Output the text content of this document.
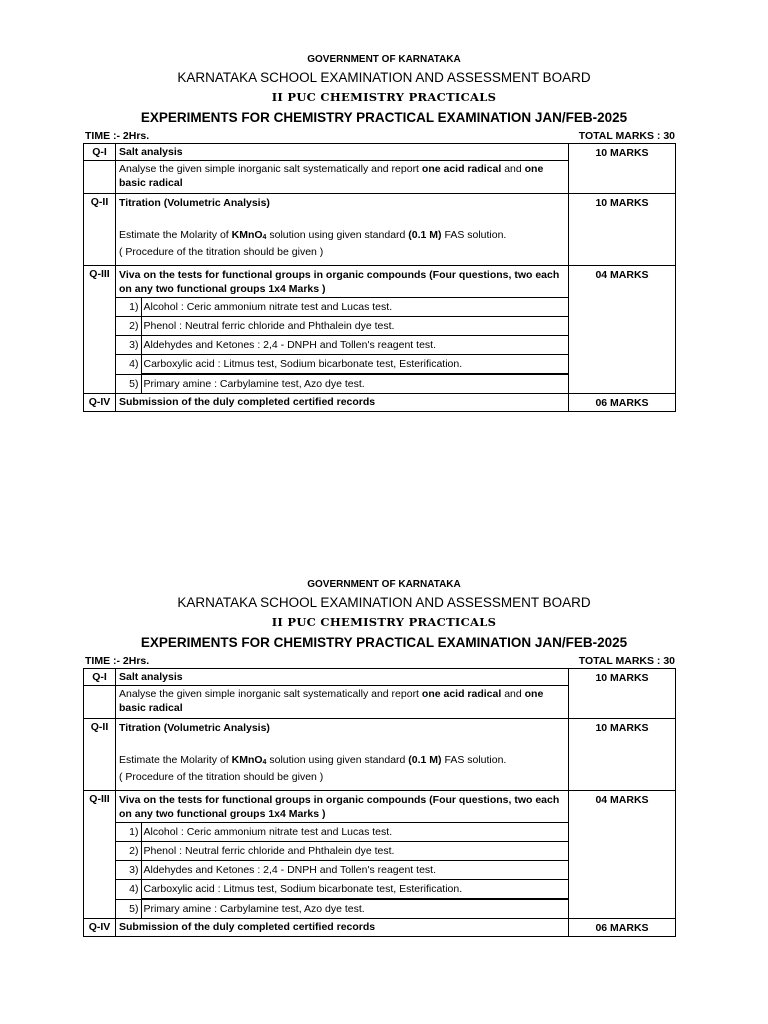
GOVERNMENT OF KARNATAKA
KARNATAKA SCHOOL EXAMINATION AND ASSESSMENT BOARD
II PUC CHEMISTRY PRACTICALS
EXPERIMENTS FOR CHEMISTRY PRACTICAL EXAMINATION JAN/FEB-2025
TIME :- 2Hrs.	TOTAL MARKS : 30
Q-I	Salt analysis	10 MARKS
	Analyse the given simple inorganic salt systematically and report one acid radical and one basic radical
Q-II	Titration (Volumetric Analysis)
Estimate the Molarity of KMnO$_4$ solution using given standard (0.1 M) FAS solution.
( Procedure of the titration should be given )
	10 MARKS
Q-III	Viva on the tests for functional groups in organic compounds (Four questions, two each on any two functional groups 1x4 Marks )
1)	Alcohol : Ceric ammonium nitrate test and Lucas test.
2)	Phenol : Neutral ferric chloride and Phthalein dye test.
3)	Aldehydes and Ketones : 2,4 - DNPH and Tollen's reagent test.
4)	Carboxylic acid : Litmus test, Sodium bicarbonate test, Esterification.
5)	Primary amine : Carbylamine test, Azo dye test.
	04 MARKS
Q-IV	Submission of the duly completed certified records	06 MARKS
GOVERNMENT OF KARNATAKA
KARNATAKA SCHOOL EXAMINATION AND ASSESSMENT BOARD
II PUC CHEMISTRY PRACTICALS
EXPERIMENTS FOR CHEMISTRY PRACTICAL EXAMINATION JAN/FEB-2025
TIME :- 2Hrs.	TOTAL MARKS : 30
Q-I	Salt analysis	10 MARKS
	Analyse the given simple inorganic salt systematically and report one acid radical and one basic radical
Q-II	Titration (Volumetric Analysis)
Estimate the Molarity of KMnO$_4$ solution using given standard (0.1 M) FAS solution.
( Procedure of the titration should be given )
	10 MARKS
Q-III	Viva on the tests for functional groups in organic compounds (Four questions, two each on any two functional groups 1x4 Marks )
1)	Alcohol : Ceric ammonium nitrate test and Lucas test.
2)	Phenol : Neutral ferric chloride and Phthalein dye test.
3)	Aldehydes and Ketones : 2,4 - DNPH and Tollen's reagent test.
4)	Carboxylic acid : Litmus test, Sodium bicarbonate test, Esterification.
5)	Primary amine : Carbylamine test, Azo dye test.
	04 MARKS
Q-IV	Submission of the duly completed certified records	06 MARKS
